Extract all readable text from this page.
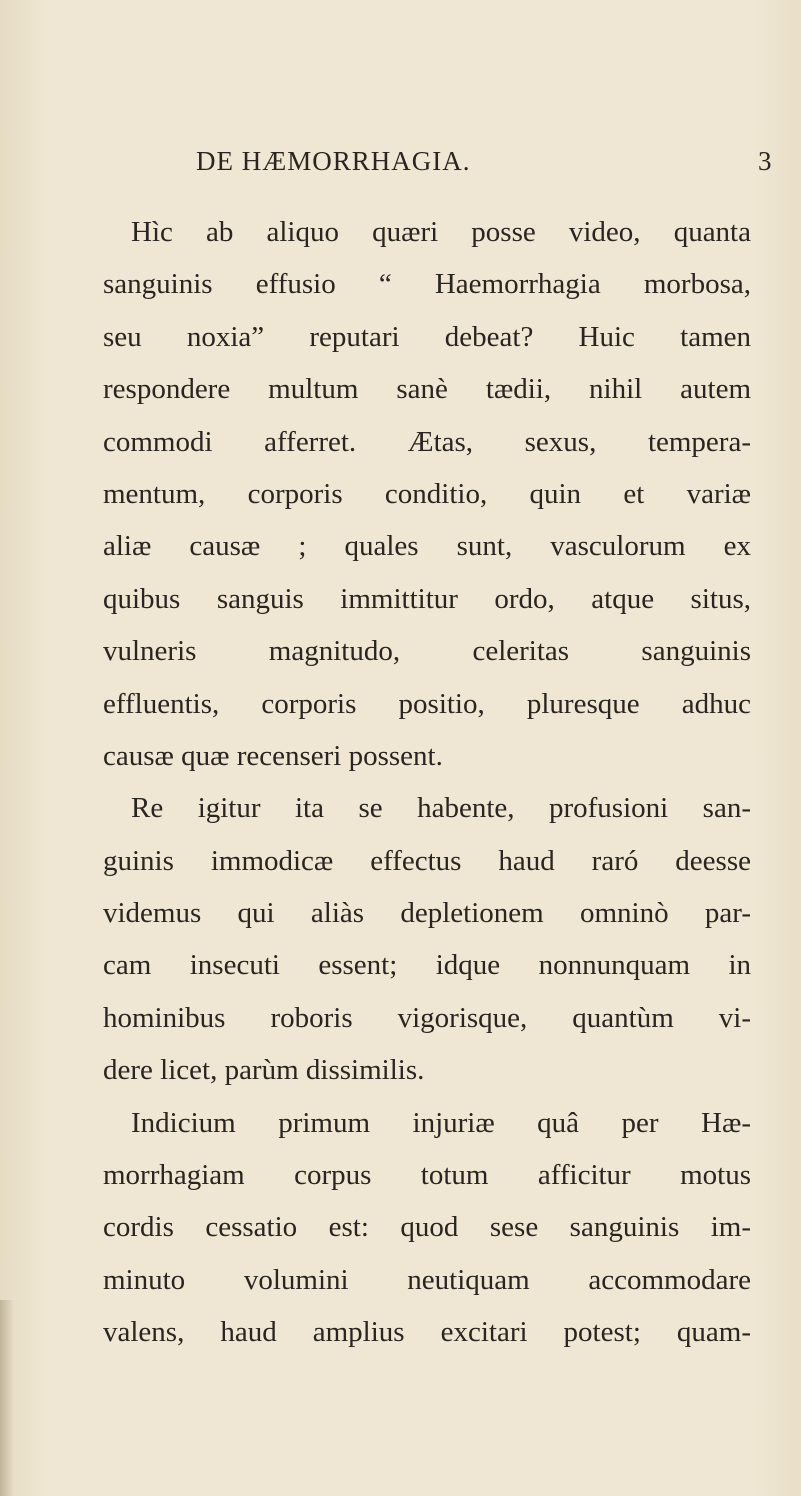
DE HÆMORRHAGIA.	3
Hìc ab aliquo quæri posse video, quanta
sanguinis effusio “ Haemorrhagia morbosa,
seu noxia” reputari debeat? Huic tamen
respondere multum sanè tædii, nihil autem
commodi afferret. Ætas, sexus, tempera-
mentum, corporis conditio, quin et variæ
aliæ causæ ; quales sunt, vasculorum ex
quibus sanguis immittitur ordo, atque situs,
vulneris magnitudo, celeritas sanguinis
effluentis, corporis positio, pluresque adhuc
causæ quæ recenseri possent.
Re igitur ita se habente, profusioni san-
guinis immodicæ effectus haud raró deesse
videmus qui aliàs depletionem omninò par-
cam insecuti essent; idque nonnunquam in
hominibus roboris vigorisque, quantùm vi-
dere licet, parùm dissimilis.
Indicium primum injuriæ quâ per Hæ-
morrhagiam corpus totum afficitur motus
cordis cessatio est: quod sese sanguinis im-
minuto volumini neutiquam accommodare
valens, haud amplius excitari potest; quam-
